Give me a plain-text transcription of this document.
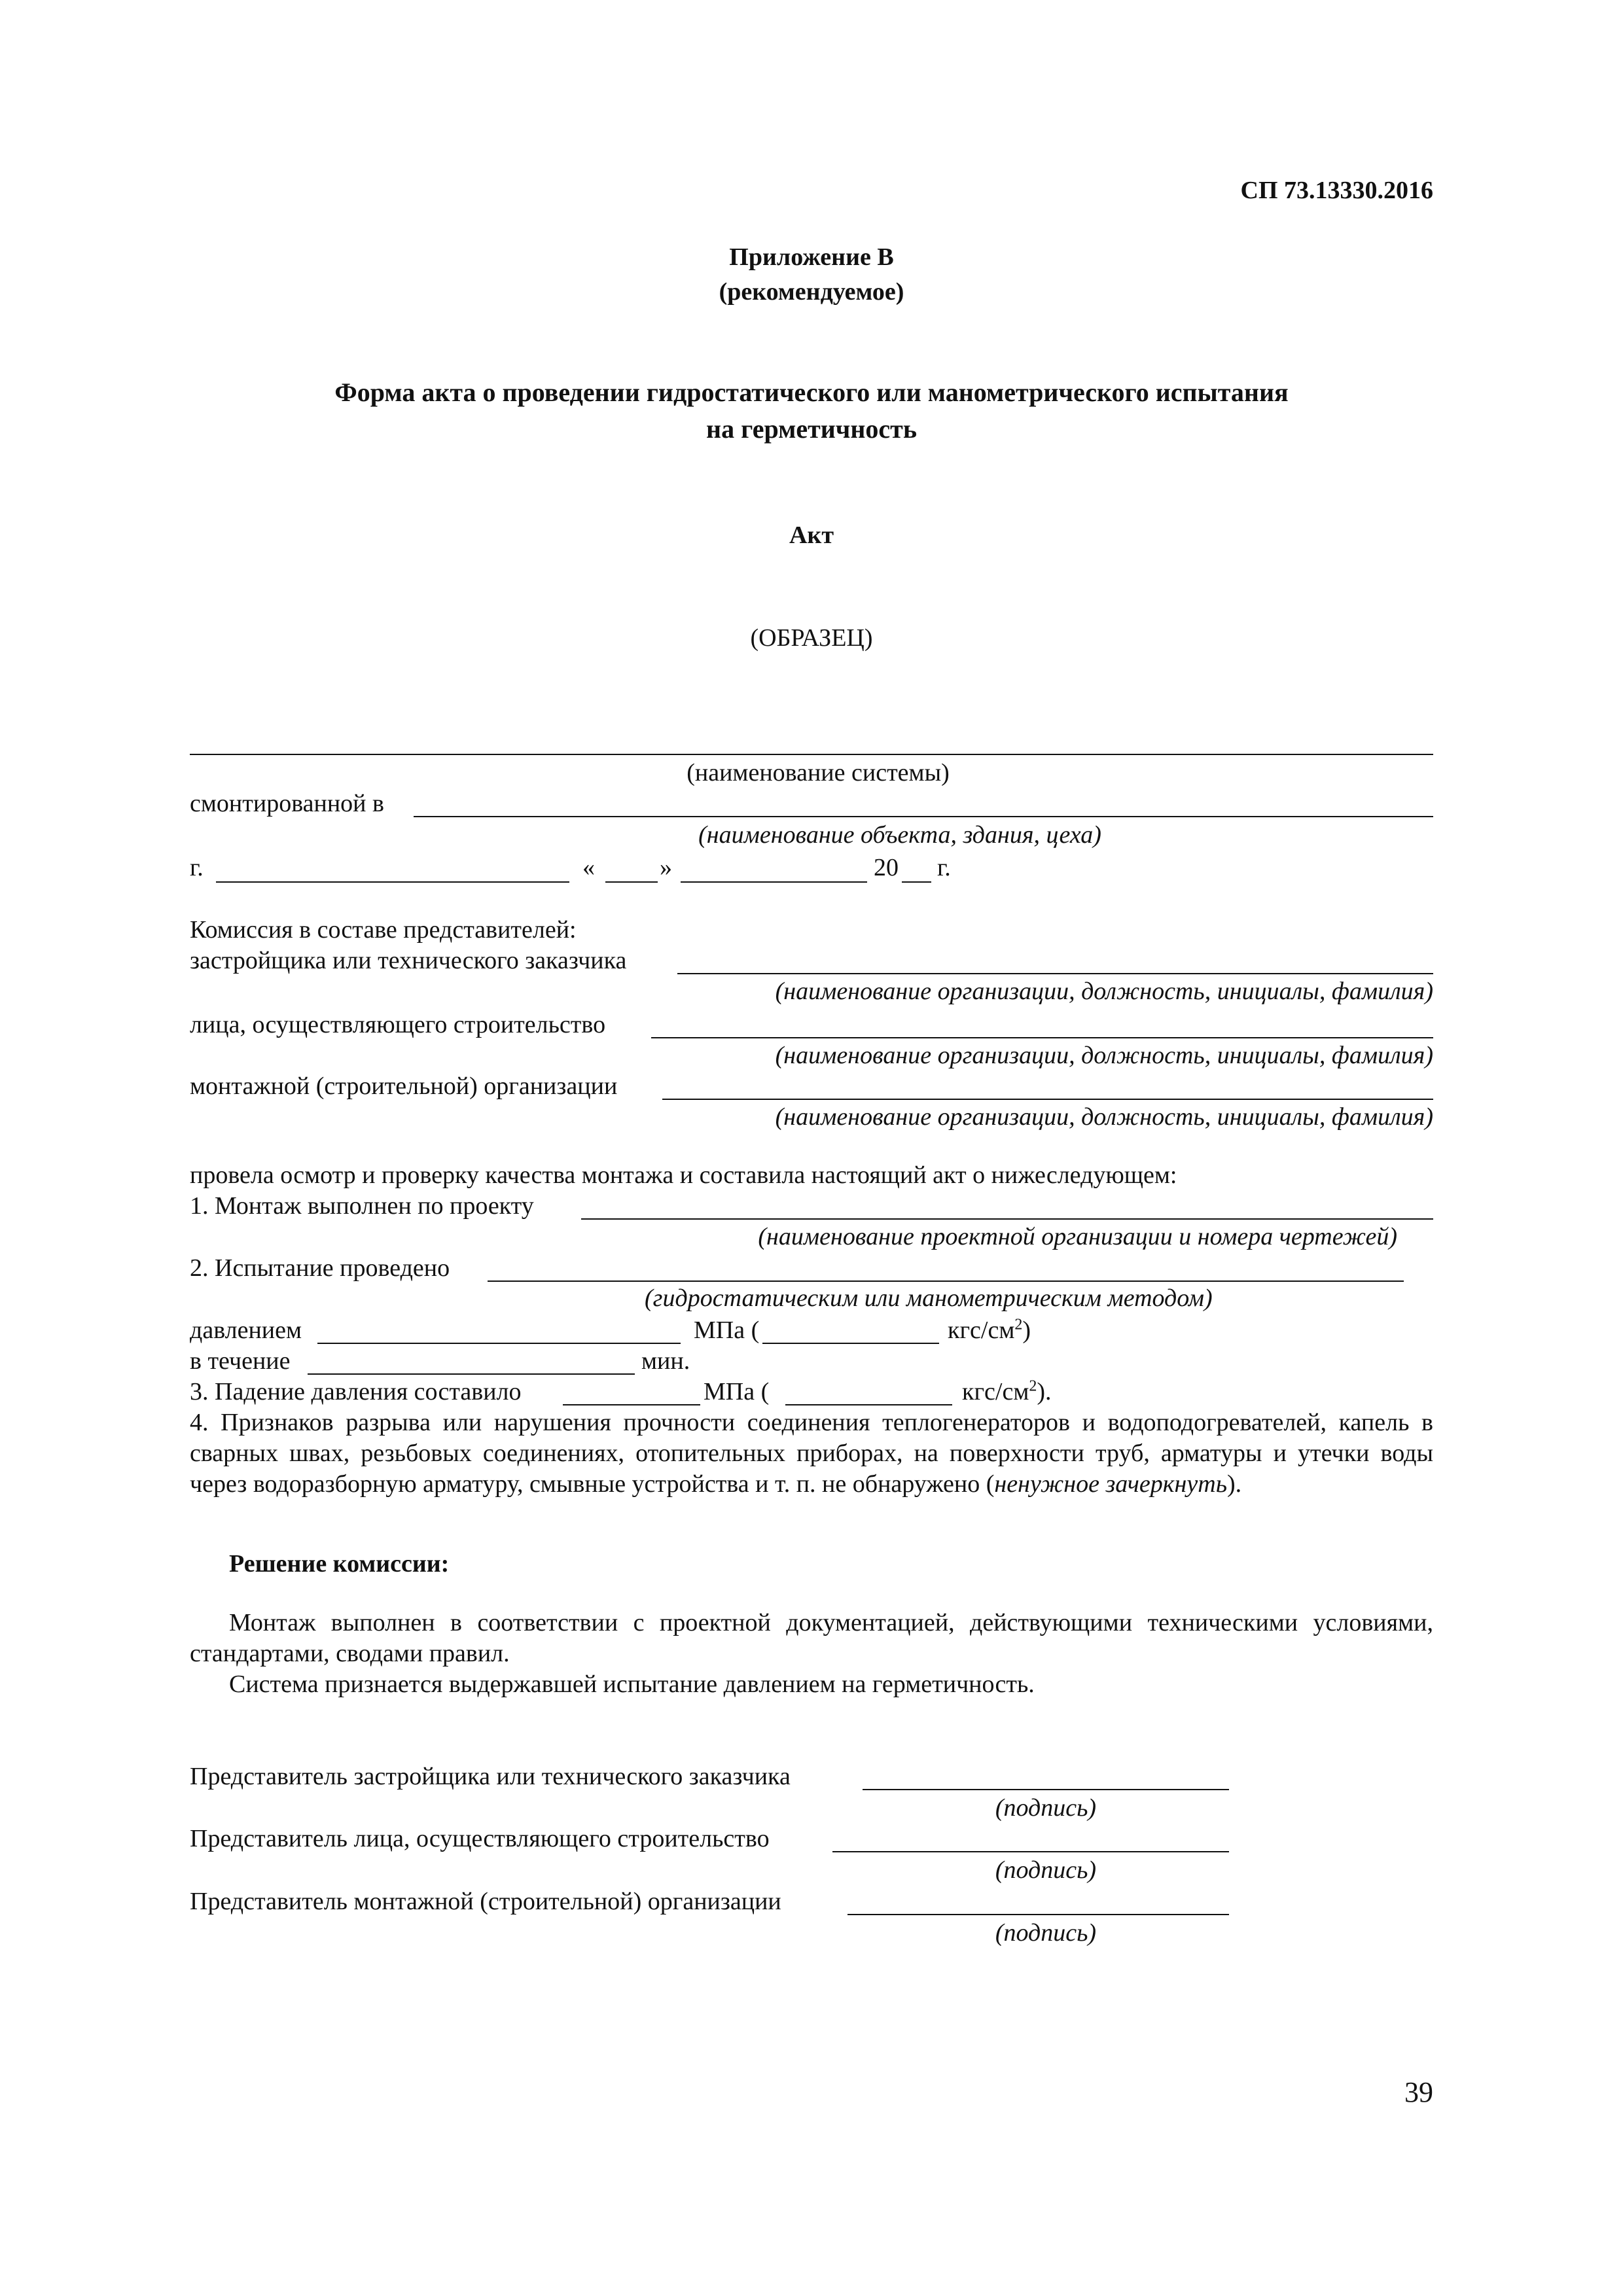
СП 73.13330.2016
Приложение В
(рекомендуемое)
Форма акта о проведении гидростатического или манометрического испытания
на герметичность
Акт
(ОБРАЗЕЦ)
(наименование системы)
смонтированной в
(наименование объекта, здания, цеха)
г.	«	»	20 г.
Комиссия в составе представителей:
застройщика или технического заказчика
(наименование организации, должность, инициалы, фамилия)
лица, осуществляющего строительство
(наименование организации, должность, инициалы, фамилия)
монтажной (строительной) организации
(наименование организации, должность, инициалы, фамилия)
провела осмотр и проверку качества монтажа и составила настоящий акт о нижеследующем:
1. Монтаж выполнен по проекту
(наименование проектной организации и номера чертежей)
2. Испытание проведено
(гидростатическим или манометрическим методом)
давлением	МПа (	кгс/$см^2$)
в течение	мин.
3. Падение давления составило	МПа (	кгс/$см^2$).
4. Признаков разрыва или нарушения прочности соединения теплогенераторов и водоподогревателей, капель в сварных швах, резьбовых соединениях, отопительных приборах, на поверхности труб, арматуры и утечки воды через водоразборную арматуру, смывные устройства и т. п. не обнаружено (ненужное зачеркнуть).
Решение комиссии:
Монтаж выполнен в соответствии с проектной документацией, действующими техническими условиями, стандартами, сводами правил.
Система признается выдержавшей испытание давлением на герметичность.
Представитель застройщика или технического заказчика
(подпись)
Представитель лица, осуществляющего строительство
(подпись)
Представитель монтажной (строительной) организации
(подпись)
39
